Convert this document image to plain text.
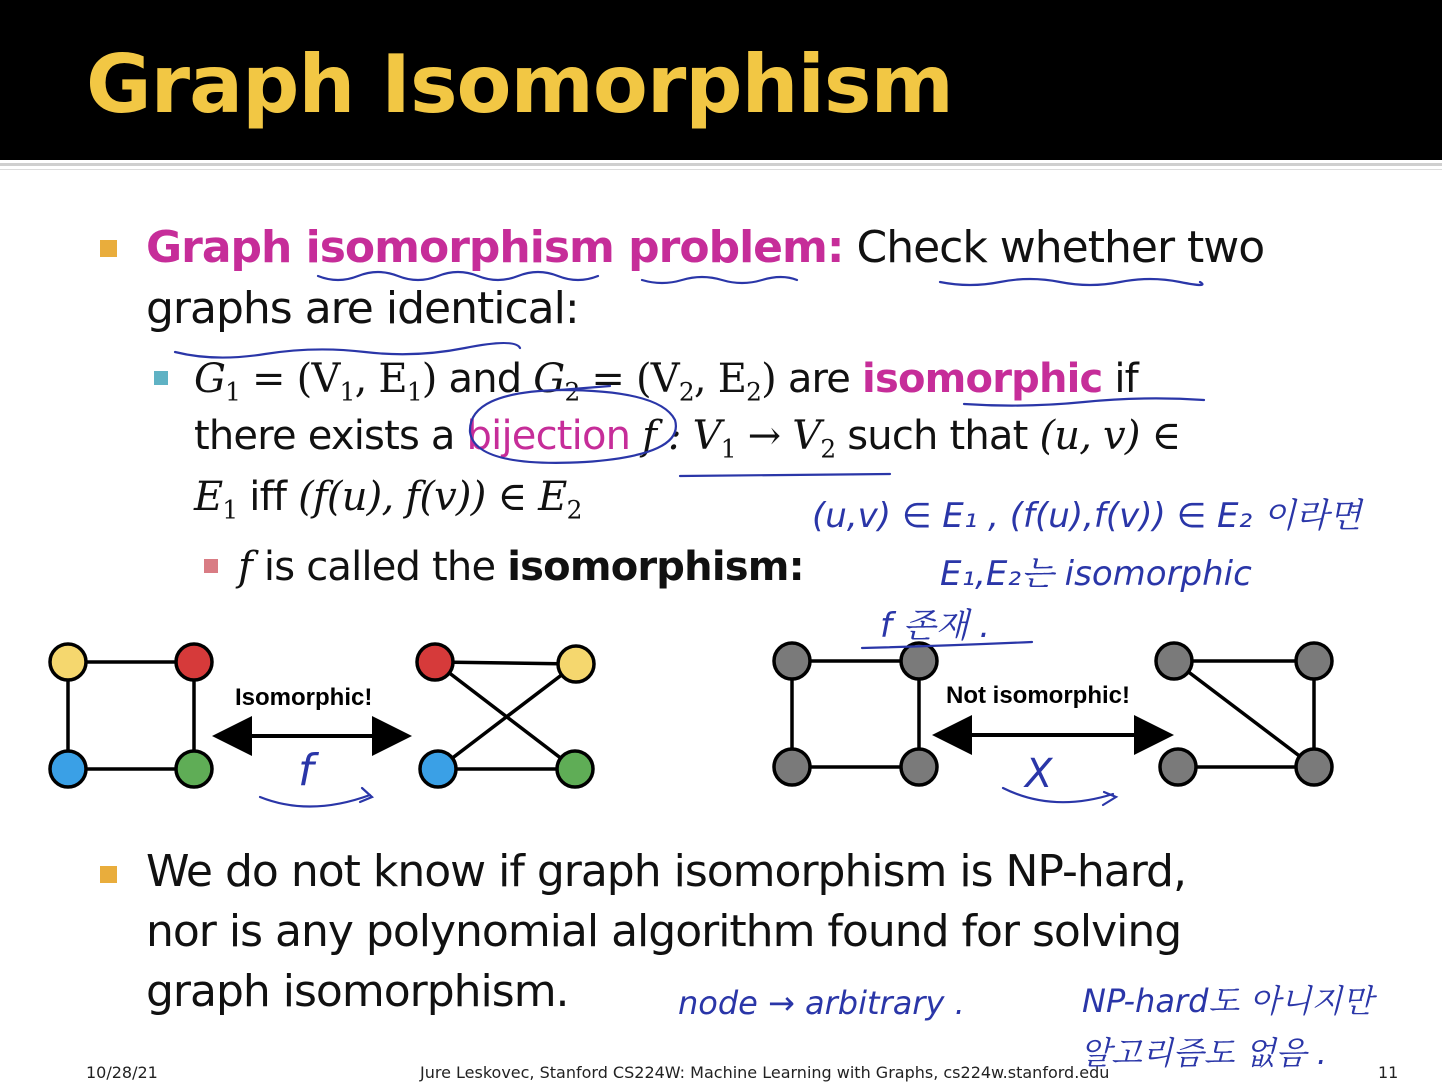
Graph Isomorphism
Graph isomorphism problem: Check whether two
graphs are identical:
$G_1 = (V_1$, $E_1$) and $G_2 = (V_2$, $E_2$) are isomorphic if
there exists a bijection f : $V_1 \to V_2$ such that (u, v) ∈
$E_1$ iff (f(u), f(v)) ∈ $E_2$
f is called the isomorphism:
Isomorphic!	Not isomorphic!
We do not know if graph isomorphism is NP-hard,
nor is any polynomial algorithm found for solving
graph isomorphism.
10/28/21	Jure Leskovec, Stanford CS224W: Machine Learning with Graphs, cs224w.stanford.edu	11
(u,v) ∈ E₁ , (f(u),f(v)) ∈ E₂ 이라면
E₁,E₂는 isomorphic
f 존재 .
f	X
node → arbitrary .	NP-hard도 아니지만
알고리즘도 없음 .
